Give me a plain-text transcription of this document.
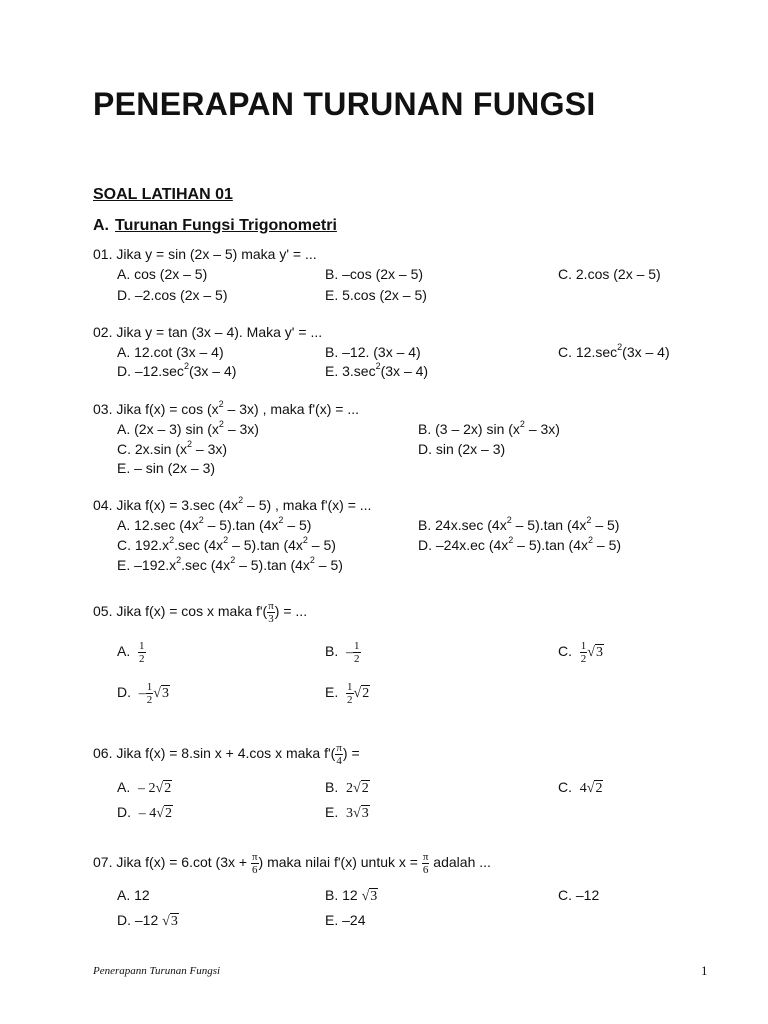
PENERAPAN TURUNAN FUNGSI
SOAL LATIHAN 01
A. Turunan Fungsi Trigonometri
01. Jika y = sin (2x – 5) maka y' = ...
A. cos (2x – 5)	B. –cos (2x – 5)	C. 2.cos (2x – 5)
D. –2.cos (2x – 5)	E. 5.cos (2x – 5)
02. Jika y = tan (3x – 4). Maka y' = ...
A. 12.cot (3x – 4)	B. –12. (3x – 4)	C. $12.\sec^2(3x - 4)$
D. $-12.\sec^2(3x - 4)$	E. $3.\sec^2(3x - 4)$
03. Jika $f(x) = \cos (x^2 - 3x)$ , maka f'(x) = ...
A. (2x – 3) $\sin (x^2 - 3x)$	B. (3 – 2x) $\sin (x^2 - 3x)$
C. 2x.sin $(x^2 - 3x)$	D. sin (2x – 3)
E. – sin (2x – 3)
04. Jika f(x) = 3.sec $(4x^2 - 5)$ , maka f'(x) = ...
A. 12.sec $(4x^2 - 5).\tan$ $(4x^2 - 5)$	B. 24x.sec $(4x^2 - 5).\tan$ $(4x^2 - 5)$
C. $192.x^2.\sec$ $(4x^2 - 5).\tan$ $(4x^2 - 5)$	D. –24x.ec $(4x^2 - 5).\tan$ $(4x^2 - 5)$
E. $-192.x^2.\sec$ $(4x^2 - 5).\tan$ $(4x^2 - 5)$
05. Jika f(x) = cos x maka $f'( \frac{\pi}{3}$ ) = ...
A. $\frac{1}{2}$	B. – $\frac{1}{2}$	C. $\frac{1}{2} √3$
D. – $\frac{1}{2} √3$	E. $\frac{1}{2} √2$
06. Jika f(x) = 8.sin x + 4.cos x maka $f'( \frac{\pi}{4}$ ) =
A. – 2√2	B. 2√2	C. 4√2
D. – 4√2	E. 3√3
07. Jika f(x) = 6.cot ($3x + \frac{\pi}{6}$ ) maka nilai f'(x) untuk $x = \frac{\pi}{6}$ adalah ...
A. 12	B. 12 √3	C. –12
D. –12 √3	E. –24
Penerapann Turunan Fungsi	1
